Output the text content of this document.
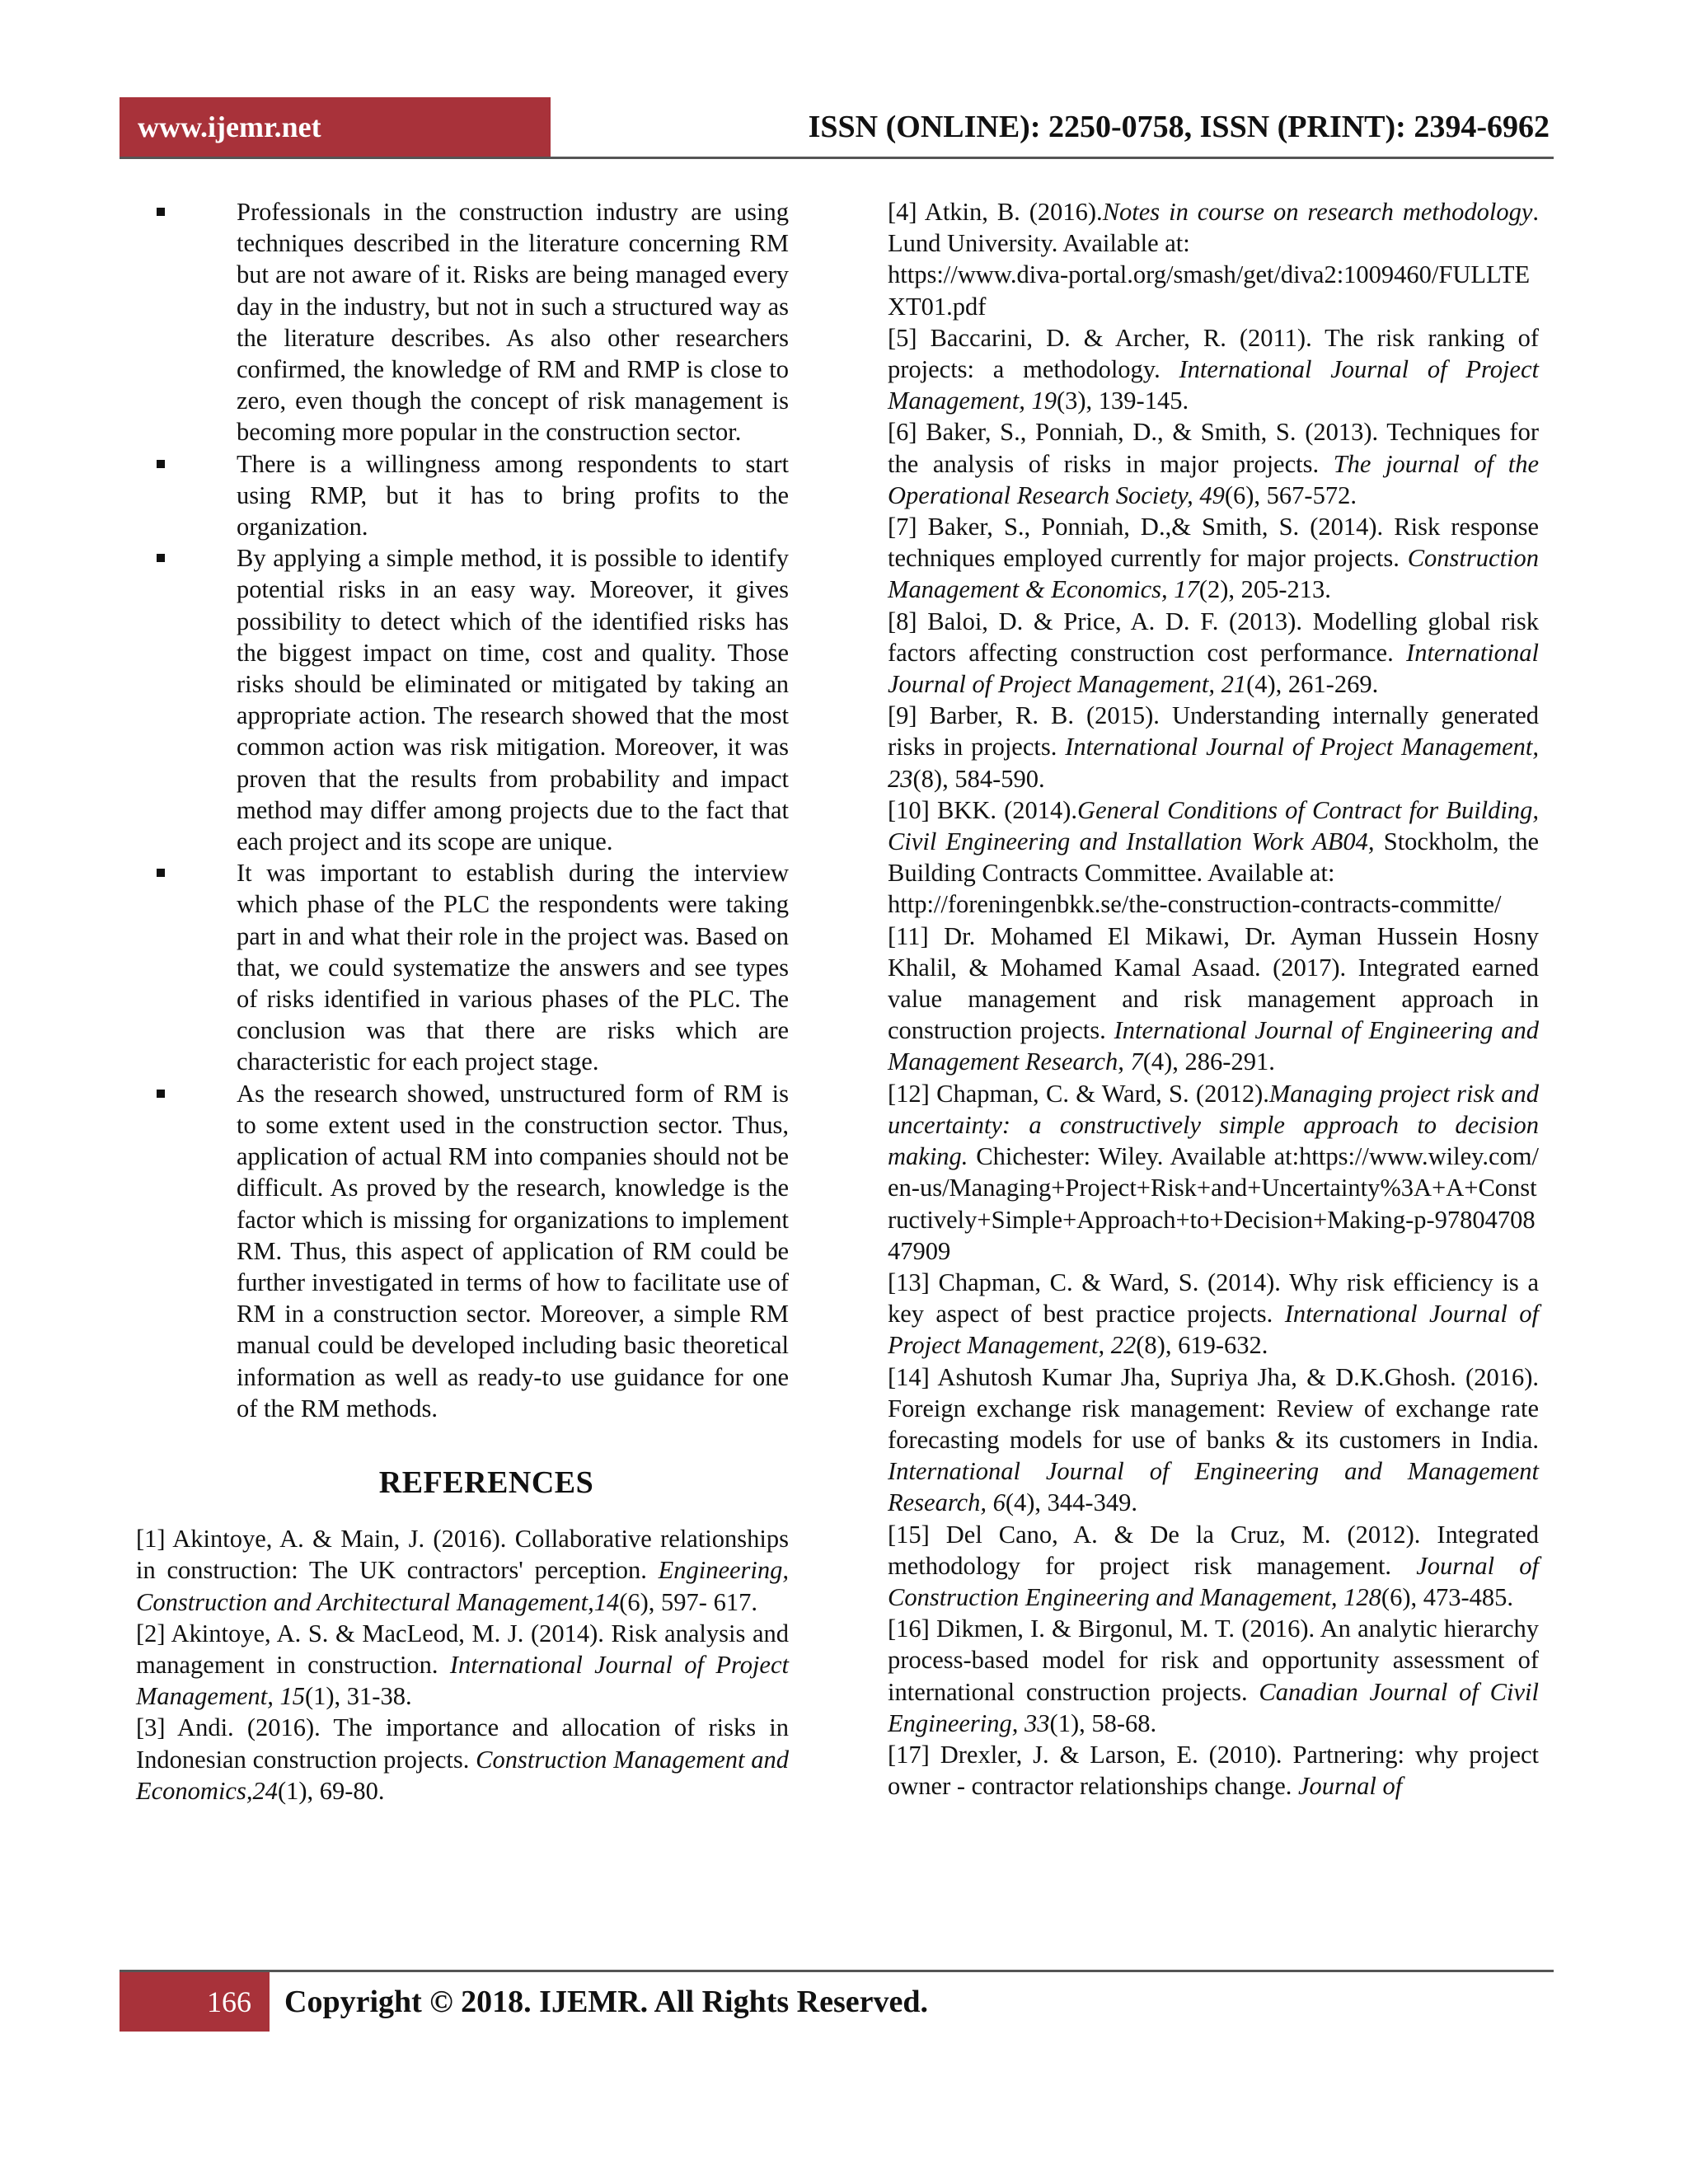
www.ijemr.net	ISSN (ONLINE): 2250-0758, ISSN (PRINT): 2394-6962
Professionals in the construction industry are using techniques described in the literature concerning RM but are not aware of it. Risks are being managed every day in the industry, but not in such a structured way as the literature describes. As also other researchers confirmed, the knowledge of RM and RMP is close to zero, even though the concept of risk management is becoming more popular in the construction sector.
There is a willingness among respondents to start using RMP, but it has to bring profits to the organization.
By applying a simple method, it is possible to identify potential risks in an easy way. Moreover, it gives possibility to detect which of the identified risks has the biggest impact on time, cost and quality. Those risks should be eliminated or mitigated by taking an appropriate action. The research showed that the most common action was risk mitigation. Moreover, it was proven that the results from probability and impact method may differ among projects due to the fact that each project and its scope are unique.
It was important to establish during the interview which phase of the PLC the respondents were taking part in and what their role in the project was. Based on that, we could systematize the answers and see types of risks identified in various phases of the PLC. The conclusion was that there are risks which are characteristic for each project stage.
As the research showed, unstructured form of RM is to some extent used in the construction sector. Thus, application of actual RM into companies should not be difficult. As proved by the research, knowledge is the factor which is missing for organizations to implement RM. Thus, this aspect of application of RM could be further investigated in terms of how to facilitate use of RM in a construction sector. Moreover, a simple RM manual could be developed including basic theoretical information as well as ready-to use guidance for one of the RM methods.
REFERENCES

[1] Akintoye, A. & Main, J. (2016). Collaborative relationships in construction: The UK contractors' perception. Engineering, Construction and Architectural Management,14(6), 597- 617.

[2] Akintoye, A. S. & MacLeod, M. J. (2014). Risk analysis and management in construction. International Journal of Project Management, 15(1), 31-38.

[3] Andi. (2016). The importance and allocation of risks in Indonesian construction projects. Construction Management and Economics,24(1), 69-80.

[4] Atkin, B. (2016).Notes in course on research methodology. Lund University. Available at:
https://www.diva-portal.org/smash/get/diva2:1009460/FULLTEXT01.pdf

[5] Baccarini, D. & Archer, R. (2011). The risk ranking of projects: a methodology. International Journal of Project Management, 19(3), 139-145.

[6] Baker, S., Ponniah, D., & Smith, S. (2013). Techniques for the analysis of risks in major projects. The journal of the Operational Research Society, 49(6), 567-572.

[7] Baker, S., Ponniah, D.,& Smith, S. (2014). Risk response techniques employed currently for major projects. Construction Management & Economics, 17(2), 205-213.

[8] Baloi, D. & Price, A. D. F. (2013). Modelling global risk factors affecting construction cost performance. International Journal of Project Management, 21(4), 261-269.

[9] Barber, R. B. (2015). Understanding internally generated risks in projects. International Journal of Project Management, 23(8), 584-590.

[10] BKK. (2014).General Conditions of Contract for Building, Civil Engineering and Installation Work AB04, Stockholm, the Building Contracts Committee. Available at:
http://foreningenbkk.se/the-construction-contracts-committe/

[11] Dr. Mohamed El Mikawi, Dr. Ayman Hussein Hosny Khalil, & Mohamed Kamal Asaad. (2017). Integrated earned value management and risk management approach in construction projects. International Journal of Engineering and Management Research, 7(4), 286-291.

[12] Chapman, C. & Ward, S. (2012).Managing project risk and uncertainty: a constructively simple approach to decision making. Chichester: Wiley. Available at:https://www.wiley.com/en-us/Managing+Project+Risk+and+Uncertainty%3A+A+Constructively+Simple+Approach+to+Decision+Making-p-9780470847909

[13] Chapman, C. & Ward, S. (2014). Why risk efficiency is a key aspect of best practice projects. International Journal of Project Management, 22(8), 619-632.

[14] Ashutosh Kumar Jha, Supriya Jha, & D.K.Ghosh. (2016). Foreign exchange risk management: Review of exchange rate forecasting models for use of banks & its customers in India. International Journal of Engineering and Management Research, 6(4), 344-349.

[15] Del Cano, A. & De la Cruz, M. (2012). Integrated methodology for project risk management. Journal of Construction Engineering and Management, 128(6), 473-485.

[16] Dikmen, I. & Birgonul, M. T. (2016). An analytic hierarchy process-based model for risk and opportunity assessment of international construction projects. Canadian Journal of Civil Engineering, 33(1), 58-68.

[17] Drexler, J. & Larson, E. (2010). Partnering: why project owner - contractor relationships change. Journal of

166	Copyright © 2018. IJEMR. All Rights Reserved.
